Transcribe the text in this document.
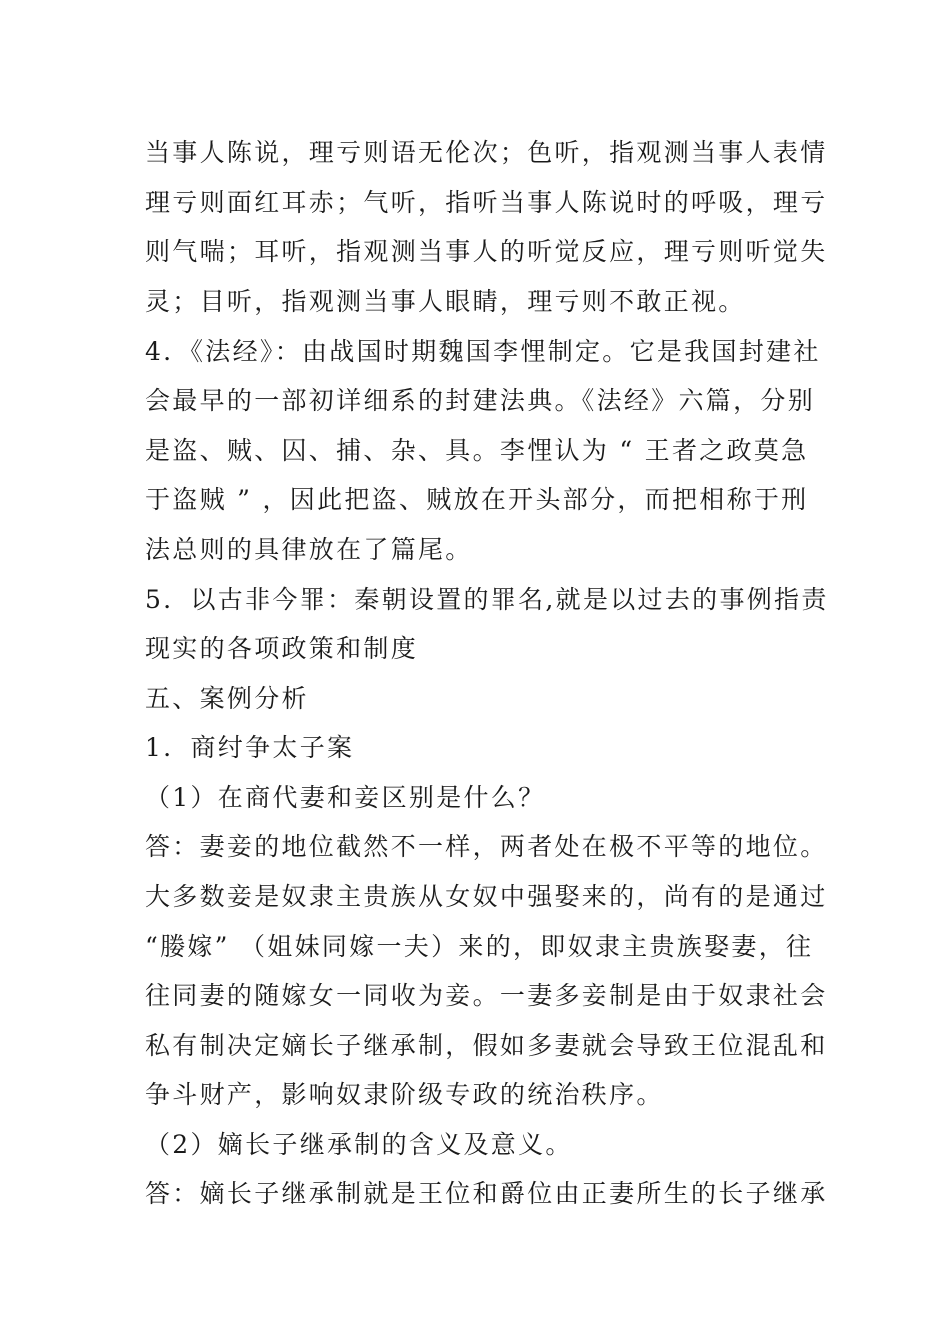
当事人陈说，理亏则语无伦次；色听，指观测当事人表情
理亏则面红耳赤；气听，指听当事人陈说时的呼吸，理亏
则气喘；耳听，指观测当事人的听觉反应，理亏则听觉失
灵；目听，指观测当事人眼睛，理亏则不敢正视。
4．《法经》：由战国时期魏国李悝制定。它是我国封建社
会最早的一部初详细系的封建法典。《法经》六篇，分别
是盗、贼、囚、捕、杂、具。李悝认为 “ 王者之政莫急
于盗贼 ” ，因此把盗、贼放在开头部分，而把相称于刑
法总则的具律放在了篇尾。
5．以古非今罪：秦朝设置的罪名,就是以过去的事例指责
现实的各项政策和制度
五、案例分析
1．商纣争太子案
（1）在商代妻和妾区别是什么？
答：妻妾的地位截然不一样，两者处在极不平等的地位。
大多数妾是奴隶主贵族从女奴中强娶来的，尚有的是通过
“媵嫁” （姐妹同嫁一夫）来的，即奴隶主贵族娶妻，往
往同妻的随嫁女一同收为妾。一妻多妾制是由于奴隶社会
私有制决定嫡长子继承制，假如多妻就会导致王位混乱和
争斗财产，影响奴隶阶级专政的统治秩序。
（2）嫡长子继承制的含义及意义。
答：嫡长子继承制就是王位和爵位由正妻所生的长子继承
